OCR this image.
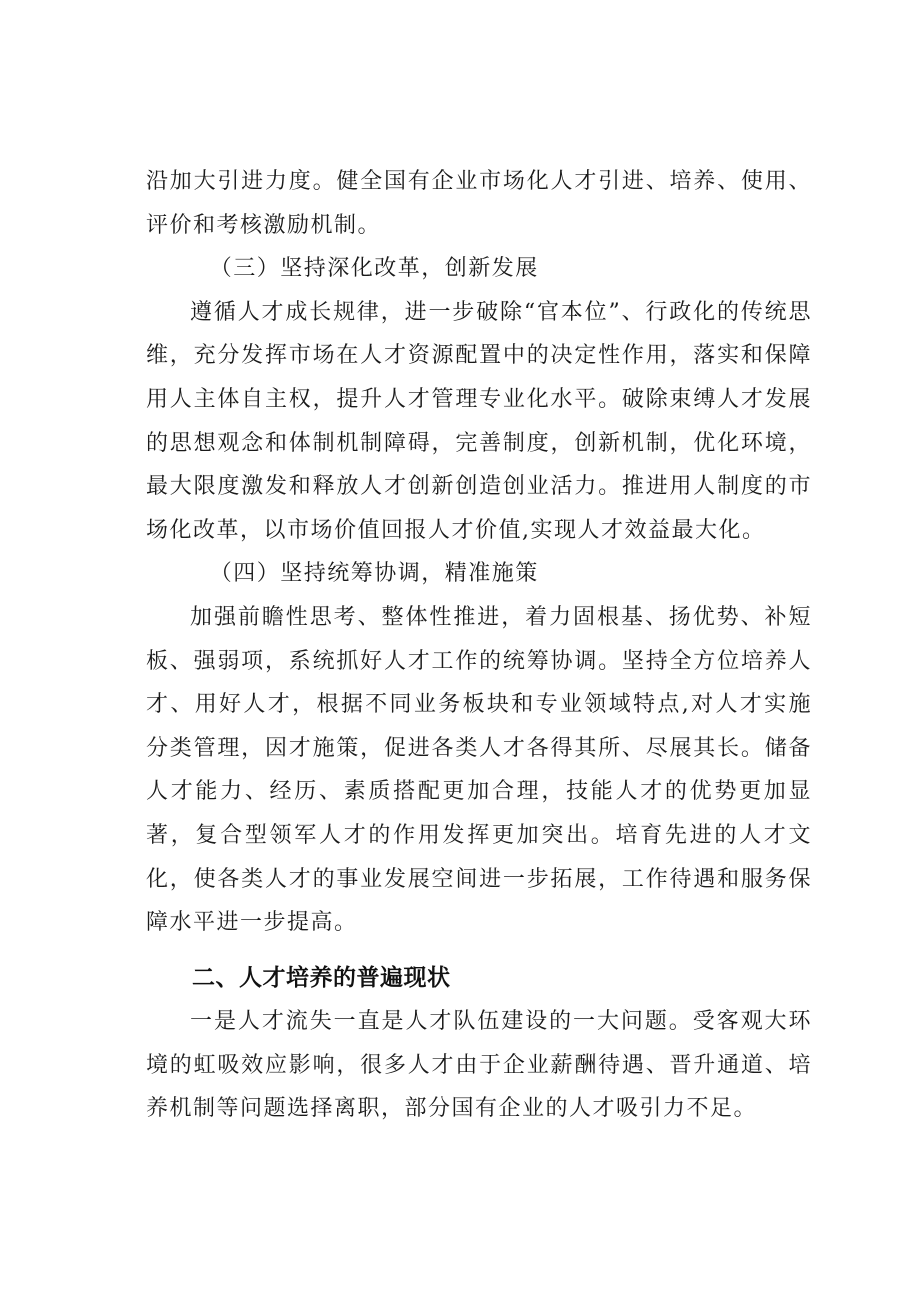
沿加大引进力度。健全国有企业市场化人才引进、培养、使用、评价和考核激励机制。

（三）坚持深化改革，创新发展

遵循人才成长规律，进一步破除“官本位”、行政化的传统思维，充分发挥市场在人才资源配置中的决定性作用，落实和保障用人主体自主权，提升人才管理专业化水平。破除束缚人才发展的思想观念和体制机制障碍，完善制度，创新机制，优化环境，最大限度激发和释放人才创新创造创业活力。推进用人制度的市场化改革，以市场价值回报人才价值,实现人才效益最大化。

（四）坚持统筹协调，精准施策

加强前瞻性思考、整体性推进，着力固根基、扬优势、补短板、强弱项，系统抓好人才工作的统筹协调。坚持全方位培养人才、用好人才，根据不同业务板块和专业领域特点,对人才实施分类管理，因才施策，促进各类人才各得其所、尽展其长。储备人才能力、经历、素质搭配更加合理，技能人才的优势更加显著，复合型领军人才的作用发挥更加突出。培育先进的人才文化，使各类人才的事业发展空间进一步拓展，工作待遇和服务保障水平进一步提高。

二、人才培养的普遍现状

一是人才流失一直是人才队伍建设的一大问题。受客观大环境的虹吸效应影响，很多人才由于企业薪酬待遇、晋升通道、培养机制等问题选择离职，部分国有企业的人才吸引力不足。
